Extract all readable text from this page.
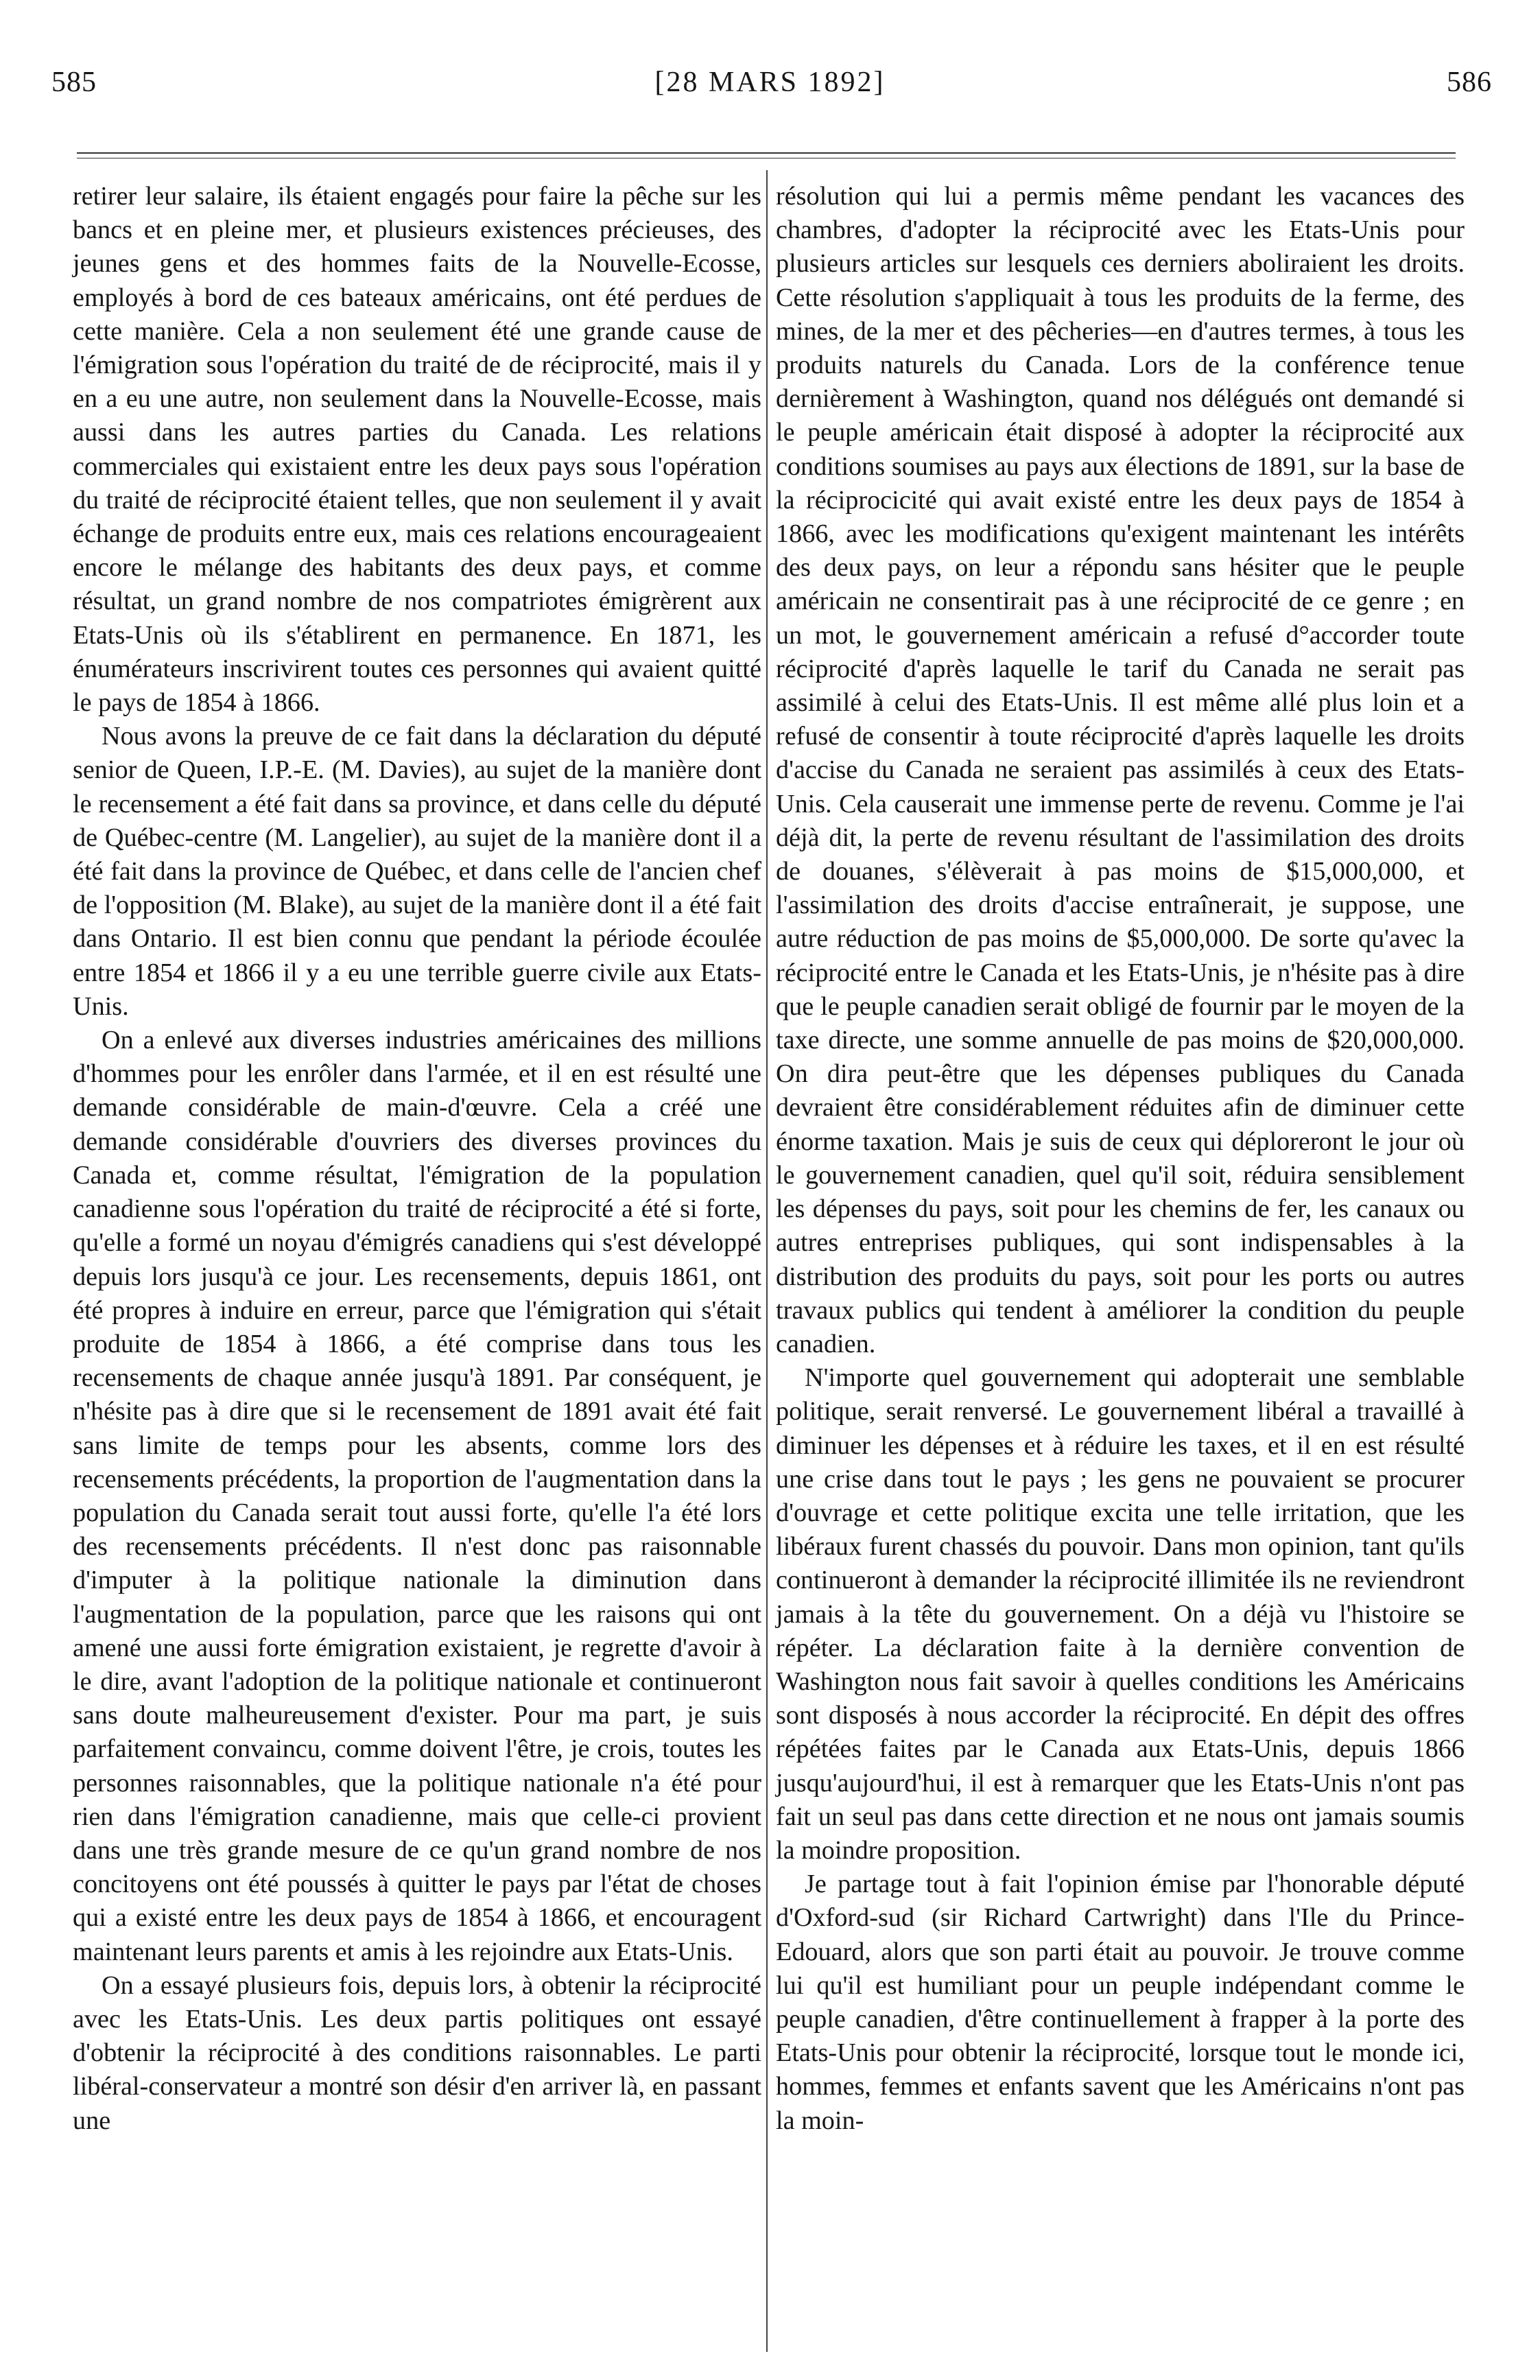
585	[28 MARS 1892]	586

retirer leur salaire, ils étaient engagés pour faire la pêche sur les bancs et en pleine mer, et plusieurs existences précieuses, des jeunes gens et des hommes faits de la Nouvelle-Ecosse, employés à bord de ces bateaux américains, ont été perdues de cette manière. Cela a non seulement été une grande cause de l'émigration sous l'opération du traité de de réciprocité, mais il y en a eu une autre, non seulement dans la Nouvelle-Ecosse, mais aussi dans les autres parties du Canada. Les relations commerciales qui existaient entre les deux pays sous l'opération du traité de réciprocité étaient telles, que non seulement il y avait échange de produits entre eux, mais ces relations encourageaient encore le mélange des habitants des deux pays, et comme résultat, un grand nombre de nos compatriotes émigrèrent aux Etats-Unis où ils s'établirent en permanence. En 1871, les énumérateurs inscrivirent toutes ces personnes qui avaient quitté le pays de 1854 à 1866.

Nous avons la preuve de ce fait dans la déclaration du député senior de Queen, I.P.-E. (M. Davies), au sujet de la manière dont le recensement a été fait dans sa province, et dans celle du député de Québec-centre (M. Langelier), au sujet de la manière dont il a été fait dans la province de Québec, et dans celle de l'ancien chef de l'opposition (M. Blake), au sujet de la manière dont il a été fait dans Ontario. Il est bien connu que pendant la période écoulée entre 1854 et 1866 il y a eu une terrible guerre civile aux Etats-Unis.

On a enlevé aux diverses industries américaines des millions d'hommes pour les enrôler dans l'armée, et il en est résulté une demande considérable de main-d'œuvre. Cela a créé une demande considérable d'ouvriers des diverses provinces du Canada et, comme résultat, l'émigration de la population canadienne sous l'opération du traité de réciprocité a été si forte, qu'elle a formé un noyau d'émigrés canadiens qui s'est développé depuis lors jusqu'à ce jour. Les recensements, depuis 1861, ont été propres à induire en erreur, parce que l'émigration qui s'était produite de 1854 à 1866, a été comprise dans tous les recensements de chaque année jusqu'à 1891. Par conséquent, je n'hésite pas à dire que si le recensement de 1891 avait été fait sans limite de temps pour les absents, comme lors des recensements précédents, la proportion de l'augmentation dans la population du Canada serait tout aussi forte, qu'elle l'a été lors des recensements précédents. Il n'est donc pas raisonnable d'imputer à la politique nationale la diminution dans l'augmentation de la population, parce que les raisons qui ont amené une aussi forte émigration existaient, je regrette d'avoir à le dire, avant l'adoption de la politique nationale et continueront sans doute malheureusement d'exister. Pour ma part, je suis parfaitement convaincu, comme doivent l'être, je crois, toutes les personnes raisonnables, que la politique nationale n'a été pour rien dans l'émigration canadienne, mais que celle-ci provient dans une très grande mesure de ce qu'un grand nombre de nos concitoyens ont été poussés à quitter le pays par l'état de choses qui a existé entre les deux pays de 1854 à 1866, et encouragent maintenant leurs parents et amis à les rejoindre aux Etats-Unis.

On a essayé plusieurs fois, depuis lors, à obtenir la réciprocité avec les Etats-Unis. Les deux partis politiques ont essayé d'obtenir la réciprocité à des conditions raisonnables. Le parti libéral-conservateur a montré son désir d'en arriver là, en passant une

résolution qui lui a permis même pendant les vacances des chambres, d'adopter la réciprocité avec les Etats-Unis pour plusieurs articles sur lesquels ces derniers aboliraient les droits. Cette résolution s'appliquait à tous les produits de la ferme, des mines, de la mer et des pêcheries—en d'autres termes, à tous les produits naturels du Canada. Lors de la conférence tenue dernièrement à Washington, quand nos délégués ont demandé si le peuple américain était disposé à adopter la réciprocité aux conditions soumises au pays aux élections de 1891, sur la base de la réciprocicité qui avait existé entre les deux pays de 1854 à 1866, avec les modifications qu'exigent maintenant les intérêts des deux pays, on leur a répondu sans hésiter que le peuple américain ne consentirait pas à une réciprocité de ce genre ; en un mot, le gouvernement américain a refusé d°accorder toute réciprocité d'après laquelle le tarif du Canada ne serait pas assimilé à celui des Etats-Unis. Il est même allé plus loin et a refusé de consentir à toute réciprocité d'après laquelle les droits d'accise du Canada ne seraient pas assimilés à ceux des Etats-Unis. Cela causerait une immense perte de revenu. Comme je l'ai déjà dit, la perte de revenu résultant de l'assimilation des droits de douanes, s'élèverait à pas moins de $15,000,000, et l'assimilation des droits d'accise entraînerait, je suppose, une autre réduction de pas moins de $5,000,000. De sorte qu'avec la réciprocité entre le Canada et les Etats-Unis, je n'hésite pas à dire que le peuple canadien serait obligé de fournir par le moyen de la taxe directe, une somme annuelle de pas moins de $20,000,000. On dira peut-être que les dépenses publiques du Canada devraient être considérablement réduites afin de diminuer cette énorme taxation. Mais je suis de ceux qui déploreront le jour où le gouvernement canadien, quel qu'il soit, réduira sensiblement les dépenses du pays, soit pour les chemins de fer, les canaux ou autres entreprises publiques, qui sont indispensables à la distribution des produits du pays, soit pour les ports ou autres travaux publics qui tendent à améliorer la condition du peuple canadien.

N'importe quel gouvernement qui adopterait une semblable politique, serait renversé. Le gouvernement libéral a travaillé à diminuer les dépenses et à réduire les taxes, et il en est résulté une crise dans tout le pays ; les gens ne pouvaient se procurer d'ouvrage et cette politique excita une telle irritation, que les libéraux furent chassés du pouvoir. Dans mon opinion, tant qu'ils continueront à demander la réciprocité illimitée ils ne reviendront jamais à la tête du gouvernement. On a déjà vu l'histoire se répéter. La déclaration faite à la dernière convention de Washington nous fait savoir à quelles conditions les Américains sont disposés à nous accorder la réciprocité. En dépit des offres répétées faites par le Canada aux Etats-Unis, depuis 1866 jusqu'aujourd'hui, il est à remarquer que les Etats-Unis n'ont pas fait un seul pas dans cette direction et ne nous ont jamais soumis la moindre proposition.

Je partage tout à fait l'opinion émise par l'honorable député d'Oxford-sud (sir Richard Cartwright) dans l'Ile du Prince-Edouard, alors que son parti était au pouvoir. Je trouve comme lui qu'il est humiliant pour un peuple indépendant comme le peuple canadien, d'être continuellement à frapper à la porte des Etats-Unis pour obtenir la réciprocité, lorsque tout le monde ici, hommes, femmes et enfants savent que les Américains n'ont pas la moin-
